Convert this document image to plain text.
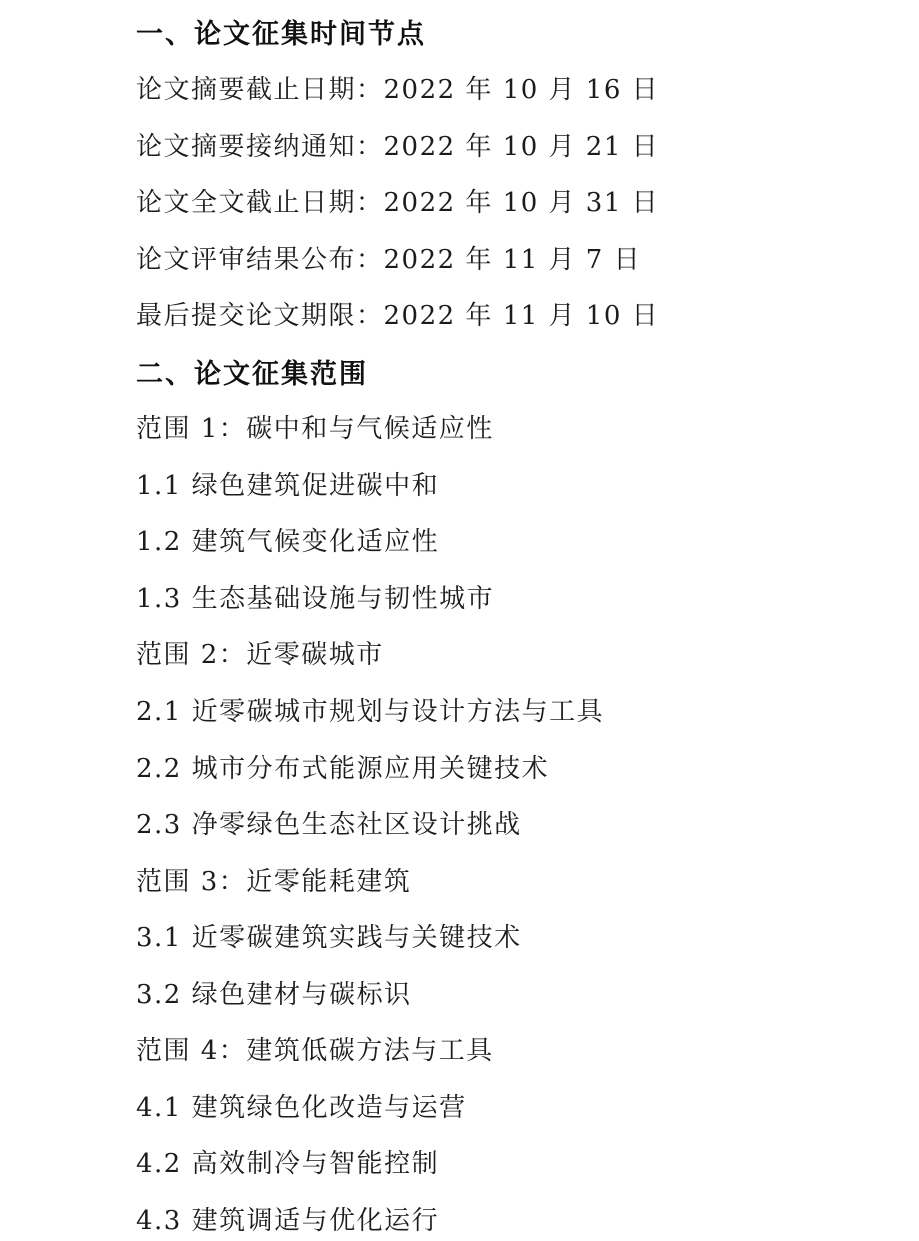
一、论文征集时间节点
论文摘要截止日期：2022 年 10 月 16 日
论文摘要接纳通知：2022 年 10 月 21 日
论文全文截止日期：2022 年 10 月 31 日
论文评审结果公布：2022 年 11 月 7 日
最后提交论文期限：2022 年 11 月 10 日
二、论文征集范围
范围 1：碳中和与气候适应性
1.1 绿色建筑促进碳中和
1.2 建筑气候变化适应性
1.3 生态基础设施与韧性城市
范围 2：近零碳城市
2.1 近零碳城市规划与设计方法与工具
2.2 城市分布式能源应用关键技术
2.3 净零绿色生态社区设计挑战
范围 3：近零能耗建筑
3.1 近零碳建筑实践与关键技术
3.2 绿色建材与碳标识
范围 4：建筑低碳方法与工具
4.1 建筑绿色化改造与运营
4.2 高效制冷与智能控制
4.3 建筑调适与优化运行
